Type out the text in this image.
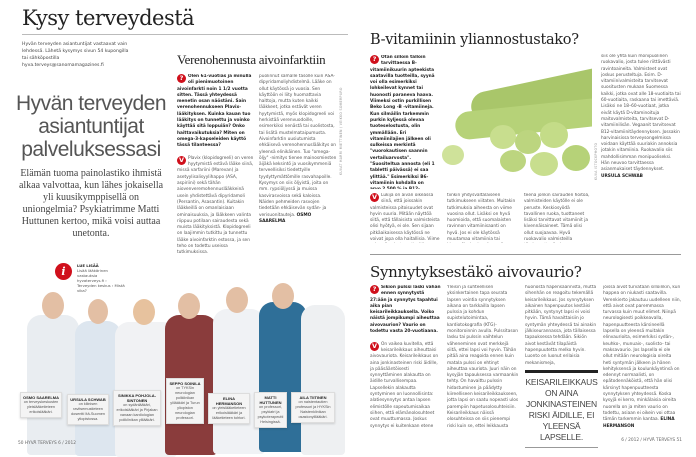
Kysy terveydestä
Hyvän terveyden asiantuntijat vastaavat vain lehdessä. Lähetä kysymys sivun 54 kupongilla tai sähköpostilla hyva.terveys@sanomamagazines.fi
Hyvän terveyden asiantuntijat palveluksessasi
Elämän tuoma painolastiko ihmistä alkaa valvottaa, kun lähes jokaisella yli kuusikymppisellä on uniongelmia? Psykiatrimme Matti Huttunen kertoo, mikä voisi auttaa unetonta.
i	LUE LISÄÄ
Lisää lääkärinen vastauksia hyvaterveys.fi › Terveyden keskus › Mistä vika?
OSMO SAARELMA
on terveyskeskusten yleislääketieteen erikoislääkäri.
URSULA SCHWAB
on kliinisen ravitsemustieteen dosentti Itä-Suomen yliopistossa.
SINIKKA POHJOLA-SINTONEN
on sydänlääkäri, erikoislääkäri ja Pirjakan vanaan kardiologian poliklinikan ylilääkäri.
SEPPO SOINILA
on TYKSin neurologian poliklinikan ylilääkäri ja Turun yliopiston neurologian professori.
ELINA HERMANSON
on yleislääketieteen erikoislääkäri ja lääketieteen tohtori.
MATTI HUTTUNEN
on professori, psykiatri ja psykoterapeutti Helsingissä.
AILA TIITINEN
on naistentautien professori ja HYKSin Naistenklinikan osastonylilääkäri.
50 HYVÄ TERVEYS 6 / 2012
Verenohennusta aivoinfarktiin
?	Olen 61-vuotias ja minulla oli pienimuotoinen aivoinfarkti noin 1 1/2 vuotta sitten. Tässä yhteydessä menetin osan näöstäni. Sain verenohennukseen Plavix-lääkityksen. Kuinka kauan tuo lääkitys on tunnettu ja voinko käyttää sitä loppuiän? Onko haittavaikutuksia? Miten on omega-3-kapseleiden käyttö tässä tilanteessa?

V Plavix (klopidogreeli) on veren hyytymistä estävä lääke siinä, missä varfariini (Marevan) ja asetyylisalisyylihappo (ASA, aspiriini) sekä tähän aiovenveremohennuslääkkeinä usein yhdistettävä dipyridamoli (Persantin, Asasantin). Kuitakin lääkkeillä on omanlaisiaan ominaisuuksia, ja lääkkeen valinta riippuu potilaan sairaudesta sekä muista lääkityksistä. Klopidogreeli on laajimmin tutkittu ja tunnettu lääke aivoinfarktin estossa, ja sen teho on todettu useissa tutkimuksissa.
puolinnut samalle tasolle kuin ASA-dipyridamoliyhdistelmä. Lääke on ollut käytössä jo vuosia. Sen käyttöön ei liity huomattavia haittoja, mutta kuten kaikki lääkkeet, jotka estävät veren hyytymistä, myös klopidogreeli voi herkistää verenvuodoille, esimerkiksi nenästä tai suolistosta, tai lisätä mustelmataipumusta. Aivoinfarktin uusiutumista ehkäisevä verenohennuslääkitys on yleensä elinikäinen. Tuo "omega-öljy" -nimitys tienee mainosmiesten äijäkä keksintö ja vuosikymmeniä terveellisiksi tiedettyille tyydyttymättömille rasvahapoille. Kysymys on siis öljyistä, joita on mm. rypsiöljyssä ja muissa kasvirasvoissa sekä kaloissa. Näiden pehmeiden rasvojen tiedetään ehkäisevän sydän- ja verisuonitauteja. OSMO SAARELMA
KUVAT HARRI MIETTINEN / VEIKKO SOMERPURO
B-vitamiinin yliannostustako?
?	Otan silloin tällöin tarvittaessa B-vitamiinikuurin apteekista saatavilla tuotteilla, syynä voi olla esimerkiksi lohkeilevat kynnet tai huonosti paraneva haava. Viimeksi ostin purkillisen Beko Long -B -vitamiineja. Kun silmäilin tarkemmin purkin kyljessä olevaa tuoteselostusta, olin ymmällään. Eri vitamiinilajien jälkeen oli sulkeissa merkintä "vuorokautisen saannin vertailuarvosta". "Suositeltua annosta (eli 1 tabletti päivässä) ei saa ylittää." Esimerkiksi B6-vitamiinin kohdalla on
KUVA ISTOCKPHOTO
V Lukija on aivan oikeassa siinä, että joissakin valmisteissa pitoisuudet ovat hyvin suuria. Mitään näyttöä siitä, että tällaisista valmisteista olisi hyötyä, ei ole. Sen sijaan pitkäaikaisessa käytössä ne voivat jopa olla haitallisia. Viime
tiinkin yhdysvaltalaiseen tutkimukseen viitaten. Muitakin tutkimuksia aiheesta on viime vuosina ollut. Lisäksi on hyvä huomioida, että suomalaisten ravinnon vitamiinisaanti on hyvä. Jos ei ole käytössä muutamaa vitamiinia tai
teena jonkin sairauden hoitoa, valmisteiden käytölle ei ole peruste. Keskiosyödä tavallinen ruoka, tuottaneet lisäksi tarvittavat vitamiinit ja kivennäisaineet. Tämä olisi ollut suojaavaa. Hyvä ruokavalio valmisteilla
siis ole yhtä kuin monipuolinen ruokavalio, josta tulee riittävästi ravintoaineita. Valmisteet ovat joskus perusteltuja. Esim. D-vitamiinivalmisteita tarvitsevat suositusten mukaan Suomessa kaikki, jotka ovat alle 18-vuotiaita tai 60-vuotiaita, raskaana tai imettäviä. Lisäksi ne 18–60-vuotiaat, jotka eivät käytä D-vitaminoituja maitovalmisteita, tarvitsevat D-vitamiinilisän. Vegaanit tarvitsevat B12-vitamiinitäydennyksen. Jossakin harvinaisissa terveysongelmissa voidaan käyttää suuriakin annoksia jotakin vitamiinia. Ruokavalio siis mahdollisimman monipuoliseksi. Hän neuvoo tarvittaessa asianmukaiset täydennykset. URSULA SCHWAB
Synnytyksestäkö aivovaurio?
?	Sikiön pulssi laski vähän ennen synnytystä 27:ään ja synnytys tapahtui aika pian keisarileikkauksella. Voiko näistä jompikumpi aiheuttaa aivovaurion? Vaurio on todettu vasta 20-vuotiaana.

V On vaikea kuvitella, että keisarileikkaus aiheuttaisi aivovauriota. Keisarileikkaus on aina jonkinasteinen riski äidille, ja pääsääntöisesti synnyttäminen alakautta on äidille turvallisempaa. Lapsellekin alakautta syntyminen on luonnollisinta: alatiesynnytys antaa lapsen elimistölle sopeutumisaikaa siihen, että elämänolosuhteet ovat muuttumassa. Joskus synnytys ei kuitenkaan etene
Yleisin ja suhteellisen yksinkertainen tapa seurata lapsen vointia synnytyksen aikana on tarkkailla lapsen pulssia ja kohdun supistelutoimintaa, kardiotokografia (KTG)-monitoroinnin avulla. Pulssitason lasku tai pulssin vaihtelun väheneminen ovat merkkejä siitä, ettei lapsi voi hyvin. Tähän pitää aina reagoida ennen kuin matala pulssi on ehtinyt aiheuttaa vauriota. Juuri näin on kysyjän tapauksessa varmaankin tehty. On havaittu pulssin hidastuminen ja päädytty kiireelliseen keisarileikkaukseen, jotta lapsi on saatu nopeasti ulos parempiin hapetusolosuhteisiin. Keisarileikkaus näissä olosuhteissa on siis pienempi riski kuin se, ettei leikkausta
huonosta hapensaannista, mutta sihenhän on reagoitu tekemällä keisarileikkaus. Jos synnytyksen aikainen hapenpuutos kestäisi pitkään, syntynyt lapsi ei voisi hyvin. Tämä havaittaisiin jo syntymän yhteydessä tai ainakin jälkiseurannassa, jota tällaisessa tapauksessa tehdään. Sikiön aivot kestävät tilapäistä hapenpuutetta melko hyvin. Luonto on luonut erilaisia mekanismeja,
KEISARILEIKKAUS ON AINA JONKINASTEINEN RISKI ÄIDILLE, EI YLEENSÄ LAPSELLE.
joissa aivot turvataan silloinkin, kun happea on niukasti saatavilla. Verenkierto jakautuu uudelleen niin, että aivot ovat paremmassa turvassa kuin muut elimet. Niinpä neurologisesti poikkeavalla, hapenpuutteesta kärsineellä lapsella on yleensä muitakin elinvaurioita, esimerkiksi sydän-, keuhko-, munuais-, suolisto- tai maksavaurio. Jos lapsella ei ole ollut mitään neurologisia oireita heti syntymän jälkeen ja hänen kehityksensä ja koulunkäyntinsä on edennyt normaalisti, on epätodennäköistä, että hän olisi kärsinyt hapenpuutteesta synnytyksen yhteydessä. Koska kysyjä ei kerro, minkälaisia oireita nuorella on ja miten vaurio on todettu, asiaan ei oikein voi ottaa tämän tarkemmin kantaa. ELINA HERMANSON
6 / 2012 / HYVÄ TERVEYS 51
